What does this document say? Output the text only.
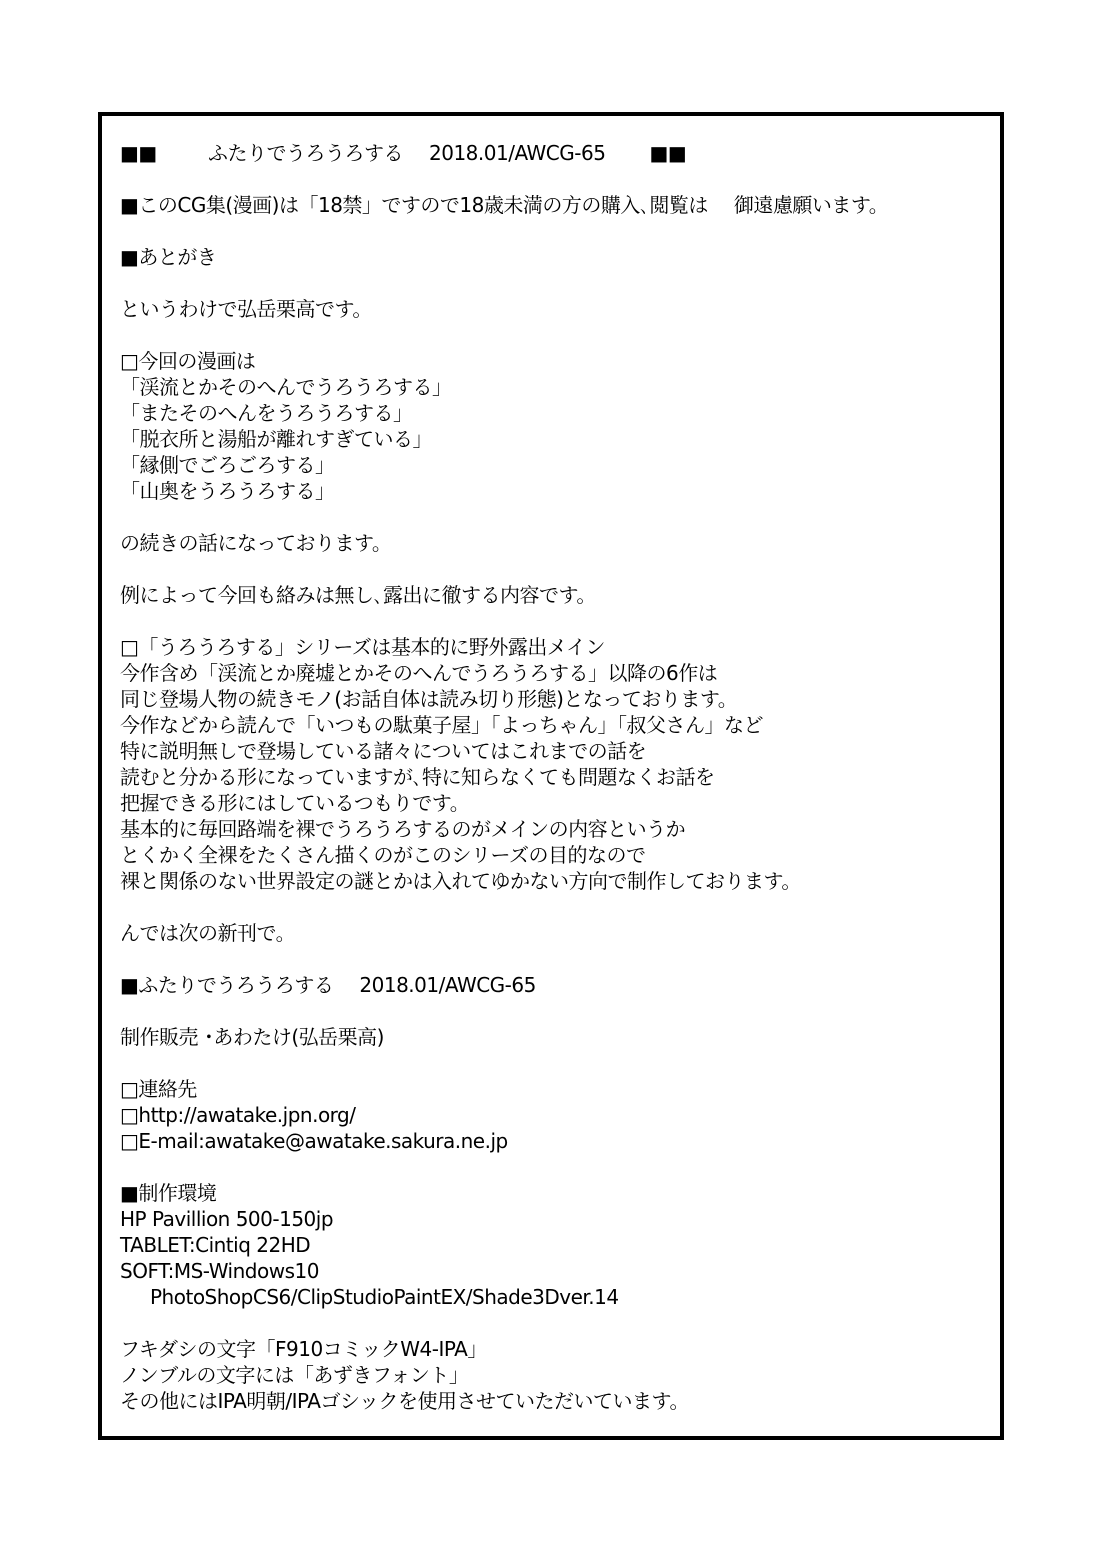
■■	ふたりでうろうろする 2018.01/AWCG-65 ■■
■このCG集(漫画)は「18禁」ですので18歳未満の方の購入､閲覧は 御遠慮願います。
■あとがき
というわけで弘岳栗高です。
□今回の漫画は
「渓流とかそのへんでうろうろする」
「またそのへんをうろうろする」
「脱衣所と湯船が離れすぎている」
「縁側でごろごろする」
「山奥をうろうろする」
の続きの話になっております。
例によって今回も絡みは無し､露出に徹する内容です。
□「うろうろする」シリーズは基本的に野外露出メイン
今作含め「渓流とか廃墟とかそのへんでうろうろする」以降の6作は
同じ登場人物の続きモノ(お話自体は読み切り形態)となっております。
今作などから読んで「いつもの駄菓子屋」「よっちゃん」「叔父さん」など
特に説明無しで登場している諸々についてはこれまでの話を
読むと分かる形になっていますが､特に知らなくても問題なくお話を
把握できる形にはしているつもりです。
基本的に毎回路端を裸でうろうろするのがメインの内容というか
とくかく全裸をたくさん描くのがこのシリーズの目的なので
裸と関係のない世界設定の謎とかは入れてゆかない方向で制作しております。
んでは次の新刊で。
■ふたりでうろうろする 2018.01/AWCG-65
制作販売 ･あわたけ(弘岳栗高)
□連絡先
□http://awatake.jpn.org/
□E-mail:awatake@awatake.sakura.ne.jp
■制作環境
HP Pavillion 500-150jp
TABLET:Cintiq 22HD
SOFT:MS-Windows10
PhotoShopCS6/ClipStudioPaintEX/Shade3Dver.14
フキダシの文字「F910コミックW4-IPA」
ノンブルの文字には「あずきフォント」
その他にはIPA明朝/IPAゴシックを使用させていただいています。
